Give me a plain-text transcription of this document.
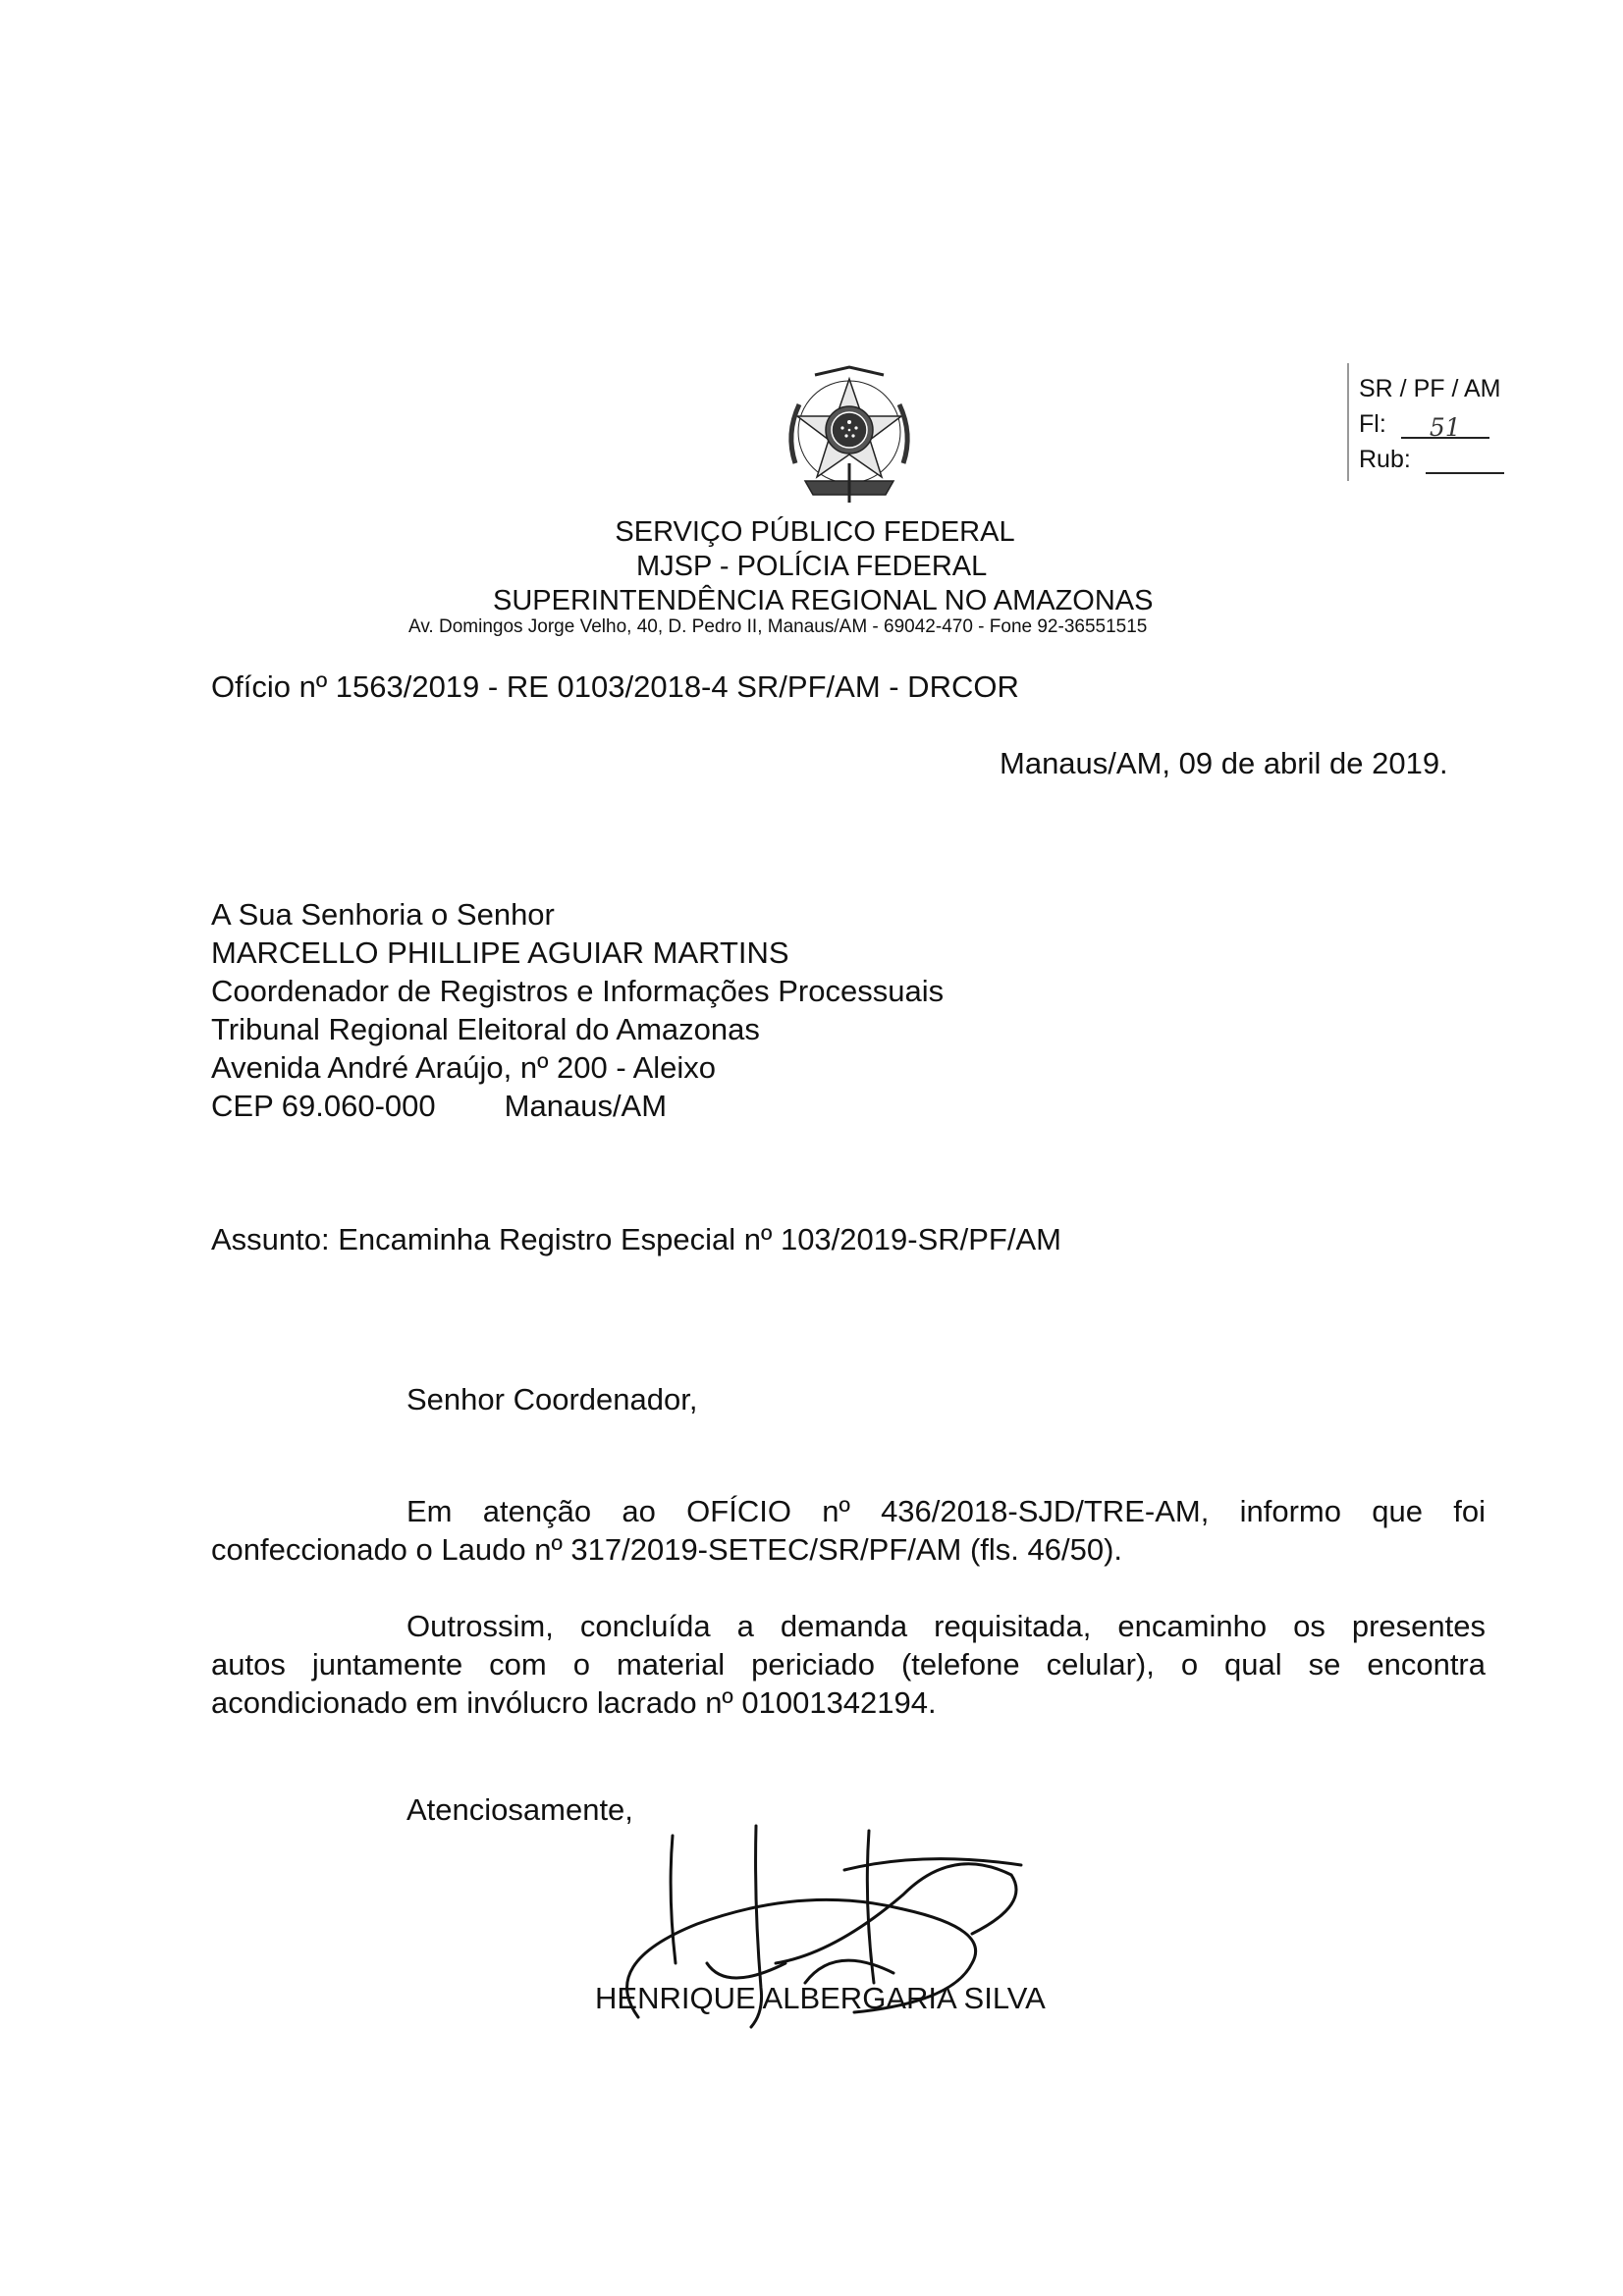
SERVIÇO PÚBLICO FEDERAL
MJSP - POLÍCIA FEDERAL
SUPERINTENDÊNCIA REGIONAL NO AMAZONAS
Av. Domingos Jorge Velho, 40, D. Pedro II, Manaus/AM - 69042-470 - Fone 92-36551515
SR / PF / AM
Fl: 51
Rub:
Ofício nº 1563/2019 - RE 0103/2018-4 SR/PF/AM - DRCOR
Manaus/AM, 09 de abril de 2019.
A Sua Senhoria o Senhor
MARCELLO PHILLIPE AGUIAR MARTINS
Coordenador de Registros e Informações Processuais
Tribunal Regional Eleitoral do Amazonas
Avenida André Araújo, nº 200 - Aleixo
CEP 69.060-000 Manaus/AM
Assunto: Encaminha Registro Especial nº 103/2019-SR/PF/AM
Senhor Coordenador,
Em atenção ao OFÍCIO nº 436/2018-SJD/TRE-AM, informo que foi
confeccionado o Laudo nº 317/2019-SETEC/SR/PF/AM (fls. 46/50).
Outrossim, concluída a demanda requisitada, encaminho os presentes
autos juntamente com o material periciado (telefone celular), o qual se encontra
acondicionado em invólucro lacrado nº 01001342194.
Atenciosamente,
HENRIQUE ALBERGARIA SILVA
